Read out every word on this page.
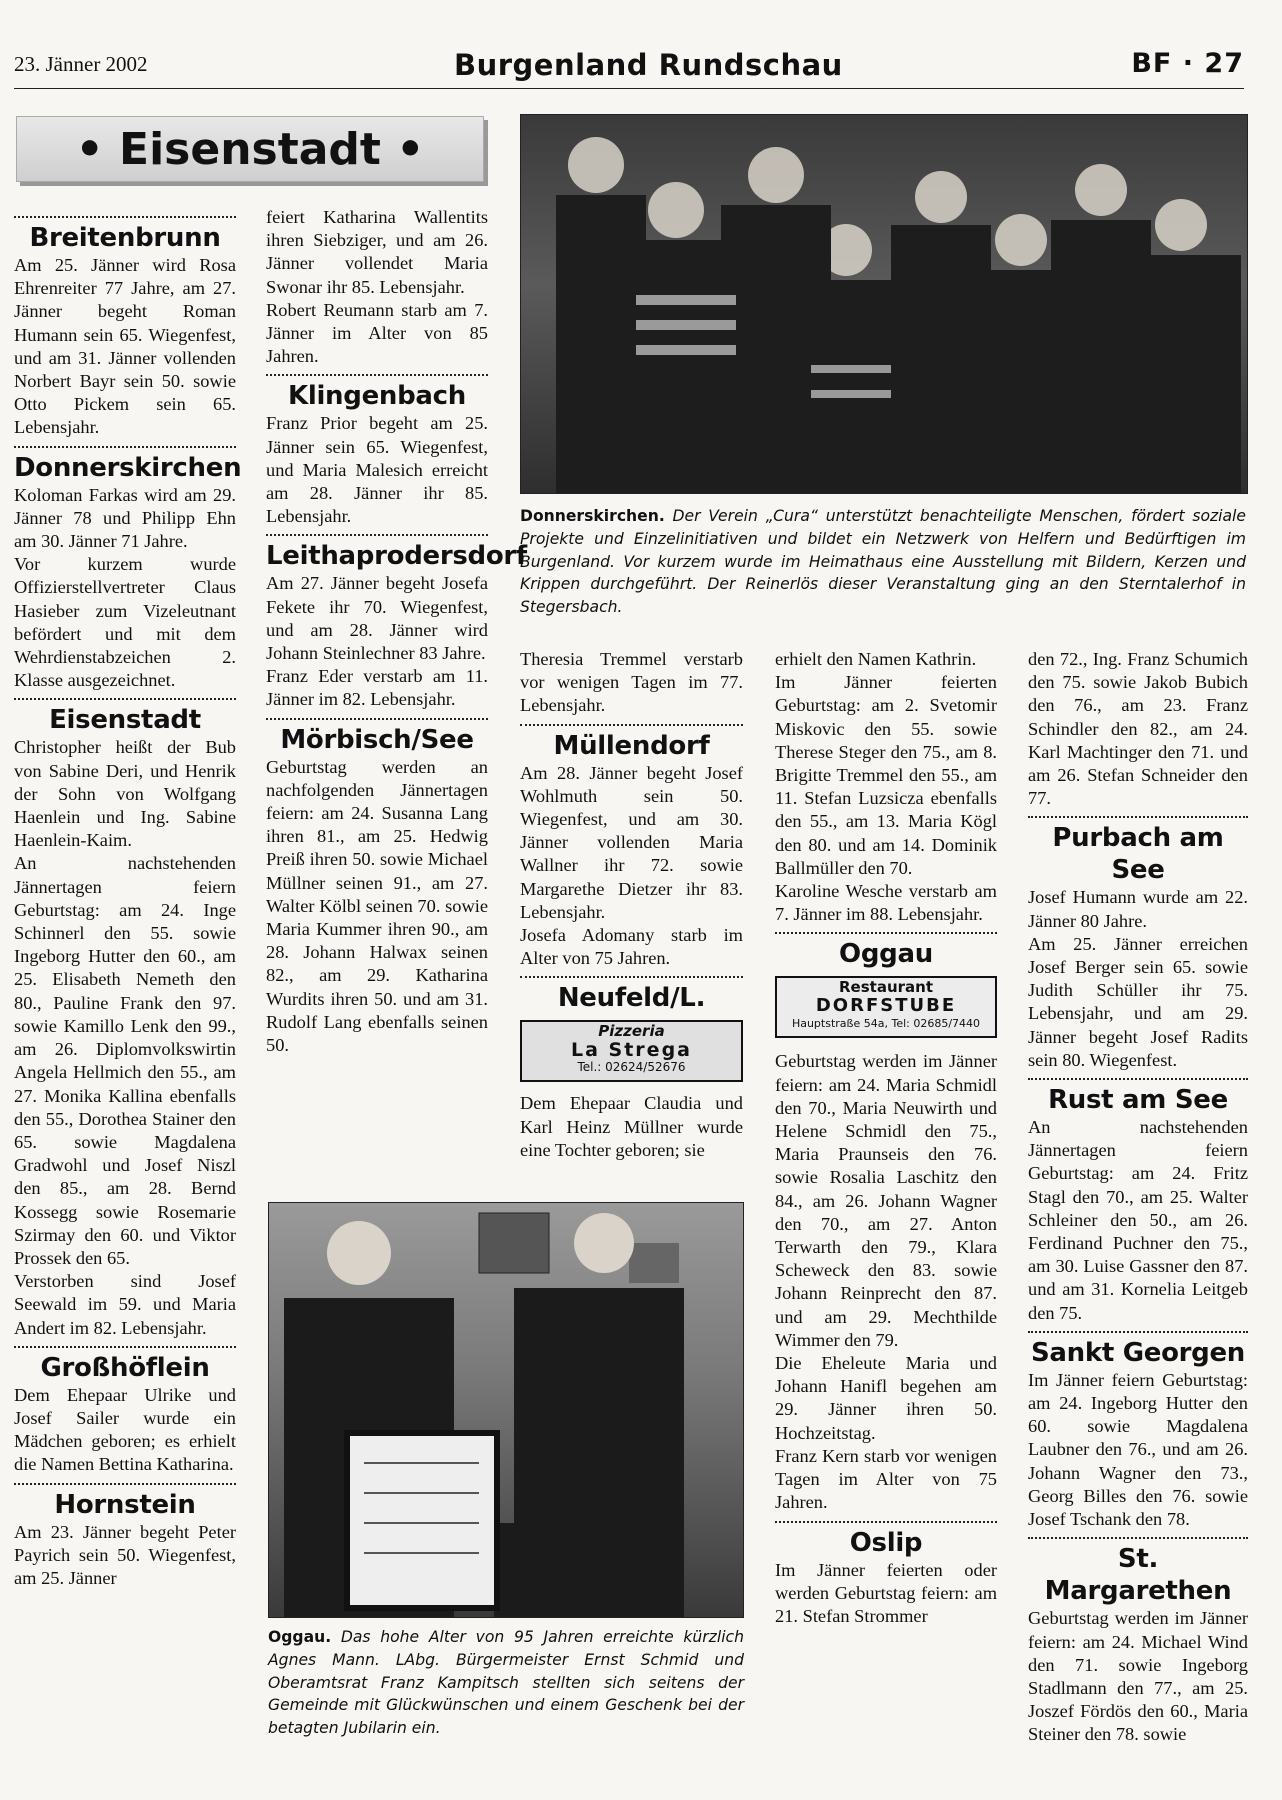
23. Jänner 2002	Burgenland Rundschau	BF · 27
• Eisenstadt •
Breitenbrunn

Am 25. Jänner wird Rosa Ehrenreiter 77 Jahre, am 27. Jänner begeht Roman Humann sein 65. Wiegenfest, und am 31. Jänner vollenden Norbert Bayr sein 50. sowie Otto Pickem sein 65. Lebensjahr.

Donnerskirchen

Koloman Farkas wird am 29. Jänner 78 und Philipp Ehn am 30. Jänner 71 Jahre.

Vor kurzem wurde Offizierstellvertreter Claus Hasieber zum Vizeleutnant befördert und mit dem Wehrdienstabzeichen 2. Klasse ausgezeichnet.

Eisenstadt

Christopher heißt der Bub von Sabine Deri, und Henrik der Sohn von Wolfgang Haenlein und Ing. Sabine Haenlein-Kaim.

An nachstehenden Jännertagen feiern Geburtstag: am 24. Inge Schinnerl den 55. sowie Ingeborg Hutter den 60., am 25. Elisabeth Nemeth den 80., Pauline Frank den 97. sowie Kamillo Lenk den 99., am 26. Diplomvolkswirtin Angela Hellmich den 55., am 27. Monika Kallina ebenfalls den 55., Dorothea Stainer den 65. sowie Magdalena Gradwohl und Josef Niszl den 85., am 28. Bernd Kossegg sowie Rosemarie Szirmay den 60. und Viktor Prossek den 65.

Verstorben sind Josef Seewald im 59. und Maria Andert im 82. Lebensjahr.

Großhöflein

Dem Ehepaar Ulrike und Josef Sailer wurde ein Mädchen geboren; es erhielt die Namen Bettina Katharina.

Hornstein

Am 23. Jänner begeht Peter Payrich sein 50. Wiegenfest, am 25. Jänner

feiert Katharina Wallentits ihren Siebziger, und am 26. Jänner vollendet Maria Swonar ihr 85. Lebensjahr.

Robert Reumann starb am 7. Jänner im Alter von 85 Jahren.

Klingenbach

Franz Prior begeht am 25. Jänner sein 65. Wiegenfest, und Maria Malesich erreicht am 28. Jänner ihr 85. Lebensjahr.

Leithaprodersdorf

Am 27. Jänner begeht Josefa Fekete ihr 70. Wiegenfest, und am 28. Jänner wird Johann Steinlechner 83 Jahre.

Franz Eder verstarb am 11. Jänner im 82. Lebensjahr.

Mörbisch/See

Geburtstag werden an nachfolgenden Jännertagen feiern: am 24. Susanna Lang ihren 81., am 25. Hedwig Preiß ihren 50. sowie Michael Müllner seinen 91., am 27. Walter Kölbl seinen 70. sowie Maria Kummer ihren 90., am 28. Johann Halwax seinen 82., am 29. Katharina Wurdits ihren 50. und am 31. Rudolf Lang ebenfalls seinen 50.

Donnerskirchen. Der Verein „Cura“ unterstützt benachteiligte Menschen, fördert soziale Projekte und Einzelinitiativen und bildet ein Netzwerk von Helfern und Bedürftigen im Burgenland. Vor kurzem wurde im Heimathaus eine Ausstellung mit Bildern, Kerzen und Krippen durchgeführt. Der Reinerlös dieser Veranstaltung ging an den Sterntalerhof in Stegersbach.

Theresia Tremmel verstarb vor wenigen Tagen im 77. Lebensjahr.

Müllendorf

Am 28. Jänner begeht Josef Wohlmuth sein 50. Wiegenfest, und am 30. Jänner vollenden Maria Wallner ihr 72. sowie Margarethe Dietzer ihr 83. Lebensjahr.

Josefa Adomany starb im Alter von 75 Jahren.

Neufeld/L.
Pizzeria
La Strega
Tel.: 02624/52676

Dem Ehepaar Claudia und Karl Heinz Müllner wurde eine Tochter geboren; sie

erhielt den Namen Kathrin.

Im Jänner feierten Geburtstag: am 2. Svetomir Miskovic den 55. sowie Therese Steger den 75., am 8. Brigitte Tremmel den 55., am 11. Stefan Luzsicza ebenfalls den 55., am 13. Maria Kögl den 80. und am 14. Dominik Ballmüller den 70.

Karoline Wesche verstarb am 7. Jänner im 88. Lebensjahr.

Oggau
Restaurant
DORFSTUBE
Hauptstraße 54a, Tel: 02685/7440

Geburtstag werden im Jänner feiern: am 24. Maria Schmidl den 70., Maria Neuwirth und Helene Schmidl den 75., Maria Praunseis den 76. sowie Rosalia Laschitz den 84., am 26. Johann Wagner den 70., am 27. Anton Terwarth den 79., Klara Scheweck den 83. sowie Johann Reinprecht den 87. und am 29. Mechthilde Wimmer den 79.

Die Eheleute Maria und Johann Hanifl begehen am 29. Jänner ihren 50. Hochzeitstag.

Franz Kern starb vor wenigen Tagen im Alter von 75 Jahren.

Oslip

Im Jänner feierten oder werden Geburtstag feiern: am 21. Stefan Strommer

den 72., Ing. Franz Schumich den 75. sowie Jakob Bubich den 76., am 23. Franz Schindler den 82., am 24. Karl Machtinger den 71. und am 26. Stefan Schneider den 77.

Purbach am See

Josef Humann wurde am 22. Jänner 80 Jahre.

Am 25. Jänner erreichen Josef Berger sein 65. sowie Judith Schüller ihr 75. Lebensjahr, und am 29. Jänner begeht Josef Radits sein 80. Wiegenfest.

Rust am See

An nachstehenden Jännertagen feiern Geburtstag: am 24. Fritz Stagl den 70., am 25. Walter Schleiner den 50., am 26. Ferdinand Puchner den 75., am 30. Luise Gassner den 87. und am 31. Kornelia Leitgeb den 75.

Sankt Georgen

Im Jänner feiern Geburtstag: am 24. Ingeborg Hutter den 60. sowie Magdalena Laubner den 76., und am 26. Johann Wagner den 73., Georg Billes den 76. sowie Josef Tschank den 78.

St. Margarethen

Geburtstag werden im Jänner feiern: am 24. Michael Wind den 71. sowie Ingeborg Stadlmann den 77., am 25. Joszef Fördös den 60., Maria Steiner den 78. sowie

Oggau. Das hohe Alter von 95 Jahren erreichte kürzlich Agnes Mann. LAbg. Bürgermeister Ernst Schmid und Oberamtsrat Franz Kampitsch stellten sich seitens der Gemeinde mit Glückwünschen und einem Geschenk bei der betagten Jubilarin ein.
